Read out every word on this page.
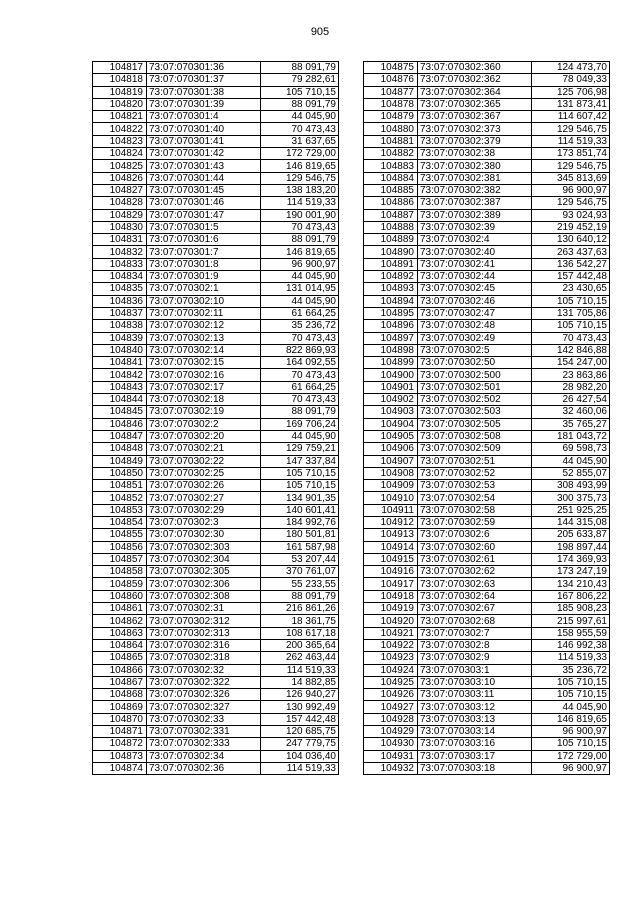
905
104817	73:07:070301:36	88 091,79
104818	73:07:070301:37	79 282,61
104819	73:07:070301:38	105 710,15
104820	73:07:070301:39	88 091,79
104821	73:07:070301:4	44 045,90
104822	73:07:070301:40	70 473,43
104823	73:07:070301:41	31 637,65
104824	73:07:070301:42	172 729,00
104825	73:07:070301:43	146 819,65
104826	73:07:070301:44	129 546,75
104827	73:07:070301:45	138 183,20
104828	73:07:070301:46	114 519,33
104829	73:07:070301:47	190 001,90
104830	73:07:070301:5	70 473,43
104831	73:07:070301:6	88 091,79
104832	73:07:070301:7	146 819,65
104833	73:07:070301:8	96 900,97
104834	73:07:070301:9	44 045,90
104835	73:07:070302:1	131 014,95
104836	73:07:070302:10	44 045,90
104837	73:07:070302:11	61 664,25
104838	73:07:070302:12	35 236,72
104839	73:07:070302:13	70 473,43
104840	73:07:070302:14	822 869,93
104841	73:07:070302:15	164 092,55
104842	73:07:070302:16	70 473,43
104843	73:07:070302:17	61 664,25
104844	73:07:070302:18	70 473,43
104845	73:07:070302:19	88 091,79
104846	73:07:070302:2	169 706,24
104847	73:07:070302:20	44 045,90
104848	73:07:070302:21	129 759,21
104849	73:07:070302:22	147 337,84
104850	73:07:070302:25	105 710,15
104851	73:07:070302:26	105 710,15
104852	73:07:070302:27	134 901,35
104853	73:07:070302:29	140 601,41
104854	73:07:070302:3	184 992,76
104855	73:07:070302:30	180 501,81
104856	73:07:070302:303	161 587,98
104857	73:07:070302:304	53 207,44
104858	73:07:070302:305	370 761,07
104859	73:07:070302:306	55 233,55
104860	73:07:070302:308	88 091,79
104861	73:07:070302:31	216 861,26
104862	73:07:070302:312	18 361,75
104863	73:07:070302:313	108 617,18
104864	73:07:070302:316	200 365,64
104865	73:07:070302:318	262 463,44
104866	73:07:070302:32	114 519,33
104867	73:07:070302:322	14 882,85
104868	73:07:070302:326	126 940,27
104869	73:07:070302:327	130 992,49
104870	73:07:070302:33	157 442,48
104871	73:07:070302:331	120 685,75
104872	73:07:070302:333	247 779,75
104873	73:07:070302:34	104 036,40
104874	73:07:070302:36	114 519,33
104875	73:07:070302:360	124 473,70
104876	73:07:070302:362	78 049,33
104877	73:07:070302:364	125 706,98
104878	73:07:070302:365	131 873,41
104879	73:07:070302:367	114 607,42
104880	73:07:070302:373	129 546,75
104881	73:07:070302:379	114 519,33
104882	73:07:070302:38	173 851,74
104883	73:07:070302:380	129 546,75
104884	73:07:070302:381	345 813,69
104885	73:07:070302:382	96 900,97
104886	73:07:070302:387	129 546,75
104887	73:07:070302:389	93 024,93
104888	73:07:070302:39	219 452,19
104889	73:07:070302:4	130 640,12
104890	73:07:070302:40	263 437,63
104891	73:07:070302:41	136 542,27
104892	73:07:070302:44	157 442,48
104893	73:07:070302:45	23 430,65
104894	73:07:070302:46	105 710,15
104895	73:07:070302:47	131 705,86
104896	73:07:070302:48	105 710,15
104897	73:07:070302:49	70 473,43
104898	73:07:070302:5	142 846,88
104899	73:07:070302:50	154 247,00
104900	73:07:070302:500	23 863,86
104901	73:07:070302:501	28 982,20
104902	73:07:070302:502	26 427,54
104903	73:07:070302:503	32 460,06
104904	73:07:070302:505	35 765,27
104905	73:07:070302:508	181 043,72
104906	73:07:070302:509	69 598,73
104907	73:07:070302:51	44 045,90
104908	73:07:070302:52	52 855,07
104909	73:07:070302:53	308 493,99
104910	73:07:070302:54	300 375,73
104911	73:07:070302:58	251 925,25
104912	73:07:070302:59	144 315,08
104913	73:07:070302:6	205 633,87
104914	73:07:070302:60	198 897,44
104915	73:07:070302:61	174 369,93
104916	73:07:070302:62	173 247,19
104917	73:07:070302:63	134 210,43
104918	73:07:070302:64	167 806,22
104919	73:07:070302:67	185 908,23
104920	73:07:070302:68	215 997,61
104921	73:07:070302:7	158 955,59
104922	73:07:070302:8	146 992,38
104923	73:07:070302:9	114 519,33
104924	73:07:070303:1	35 236,72
104925	73:07:070303:10	105 710,15
104926	73:07:070303:11	105 710,15
104927	73:07:070303:12	44 045,90
104928	73:07:070303:13	146 819,65
104929	73:07:070303:14	96 900,97
104930	73:07:070303:16	105 710,15
104931	73:07:070303:17	172 729,00
104932	73:07:070303:18	96 900,97
